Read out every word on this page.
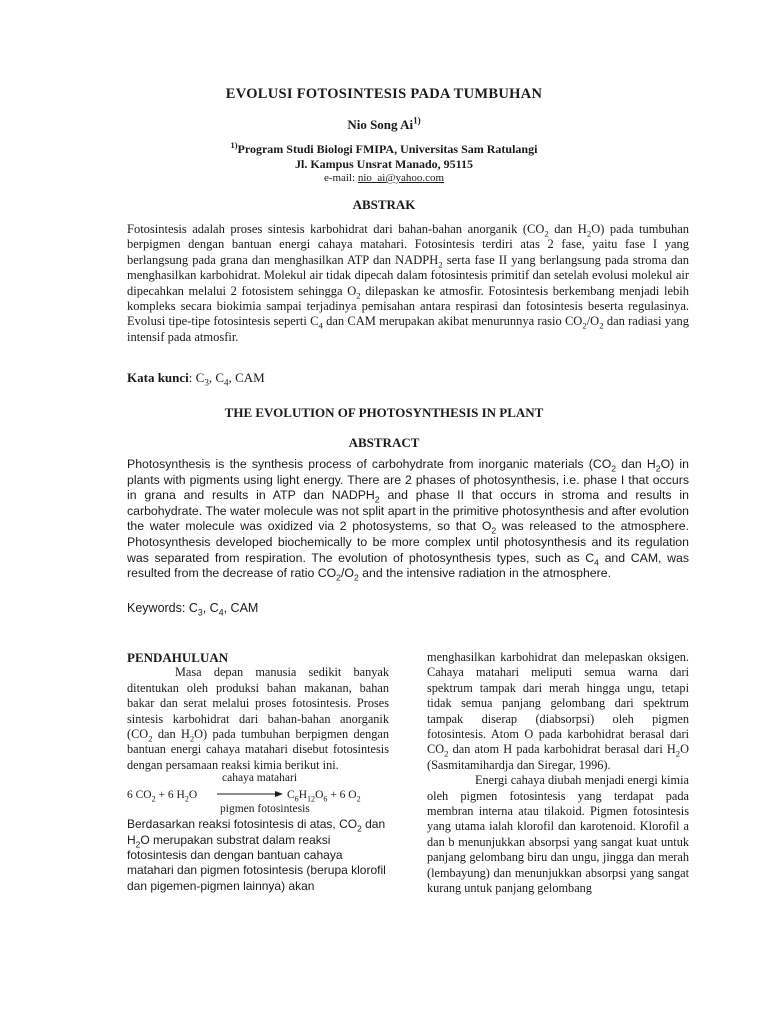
EVOLUSI FOTOSINTESIS PADA TUMBUHAN
Nio Song Ai$^{1)}$
$^{1)}$Program Studi Biologi FMIPA, Universitas Sam Ratulangi
Jl. Kampus Unsrat Manado, 95115
e-mail: nio_ai@yahoo.com
ABSTRAK
Fotosintesis adalah proses sintesis karbohidrat dari bahan-bahan anorganik ($CO_2$ dan $H_2O$) pada tumbuhan berpigmen dengan bantuan energi cahaya matahari. Fotosintesis terdiri atas 2 fase, yaitu fase I yang berlangsung pada grana dan menghasilkan ATP dan $NADPH_2$ serta fase II yang berlangsung pada stroma dan menghasilkan karbohidrat. Molekul air tidak dipecah dalam fotosintesis primitif dan setelah evolusi molekul air dipecahkan melalui 2 fotosistem sehingga $O_2$ dilepaskan ke atmosfir. Fotosintesis berkembang menjadi lebih kompleks secara biokimia sampai terjadinya pemisahan antara respirasi dan fotosintesis beserta regulasinya. Evolusi tipe-tipe fotosintesis seperti $C_4$ dan CAM merupakan akibat menurunnya rasio $CO_2/O_2$ dan radiasi yang intensif pada atmosfir.
Kata kunci: $C_3$, $C_4$, CAM
THE EVOLUTION OF PHOTOSYNTHESIS IN PLANT
ABSTRACT
Photosynthesis is the synthesis process of carbohydrate from inorganic materials ($CO_2$ dan $H_2O$) in plants with pigments using light energy. There are 2 phases of photosynthesis, i.e. phase I that occurs in grana and results in ATP dan $NADPH_2$ and phase II that occurs in stroma and results in carbohydrate. The water molecule was not split apart in the primitive photosynthesis and after evolution the water molecule was oxidized via 2 photosystems, so that $O_2$ was released to the atmosphere. Photosynthesis developed biochemically to be more complex until photosynthesis and its regulation was separated from respiration. The evolution of photosynthesis types, such as $C_4$ and CAM, was resulted from the decrease of ratio $CO_2/O_2$ and the intensive radiation in the atmosphere.
Keywords: $C_3$, $C_4$, CAM

PENDAHULUAN

Masa depan manusia sedikit banyak ditentukan oleh produksi bahan makanan, bahan bakar dan serat melalui proses fotosintesis. Proses sintesis karbohidrat dari bahan-bahan anorganik ($CO_2$ dan $H_2O$) pada tumbuhan berpigmen dengan bantuan energi cahaya matahari disebut fotosintesis dengan persamaan reaksi kimia berikut ini.

cahaya matahari
6 $CO_2 + 6$ $H_2O$	$C_6H_{12}O_6 + 6$ $O_2$
pigmen fotosintesis

Berdasarkan reaksi fotosintesis di atas, $CO_2$ dan $H_2O$ merupakan substrat dalam reaksi fotosintesis dan dengan bantuan cahaya matahari dan pigmen fotosintesis (berupa klorofil dan pigemen-pigmen lainnya) akan

menghasilkan karbohidrat dan melepaskan oksigen. Cahaya matahari meliputi semua warna dari spektrum tampak dari merah hingga ungu, tetapi tidak semua panjang gelombang dari spektrum tampak diserap (diabsorpsi) oleh pigmen fotosintesis. Atom O pada karbohidrat berasal dari $CO_2$ dan atom H pada karbohidrat berasal dari $H_2O$ (Sasmitamihardja dan Siregar, 1996).

Energi cahaya diubah menjadi energi kimia oleh pigmen fotosintesis yang terdapat pada membran interna atau tilakoid. Pigmen fotosintesis yang utama ialah klorofil dan karotenoid. Klorofil a dan b menunjukkan absorpsi yang sangat kuat untuk panjang gelombang biru dan ungu, jingga dan merah (lembayung) dan menunjukkan absorpsi yang sangat kurang untuk panjang gelombang
